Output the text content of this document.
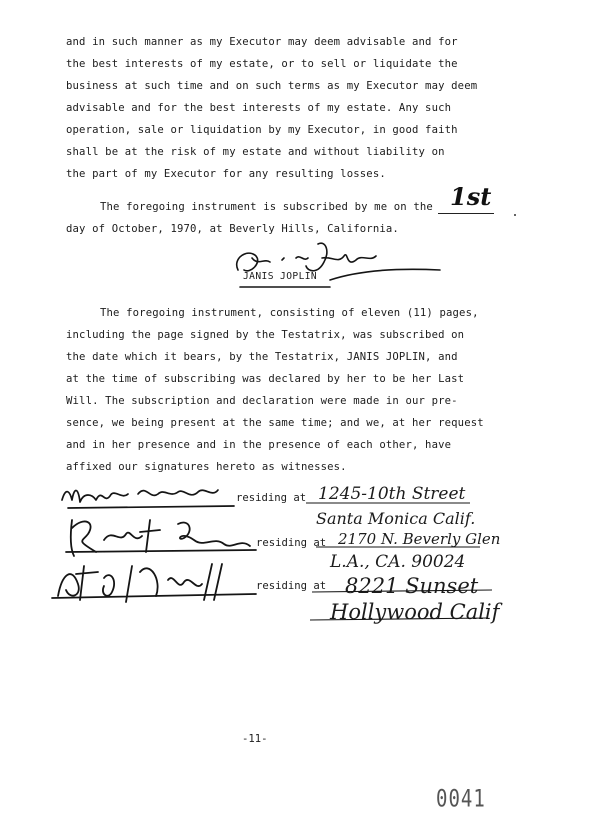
and in such manner as my Executor may deem advisable and for
the best interests of my estate, or to sell or liquidate the
business at such time and on such terms as my Executor may deem
advisable and for the best interests of my estate. Any such
operation, sale or liquidation by my Executor, in good faith
shall be at the risk of my estate and without liability on
the part of my Executor for any resulting losses.
The foregoing instrument is subscribed by me on the
day of October, 1970, at Beverly Hills, California.
1st
JANIS JOPLIN
The foregoing instrument, consisting of eleven (11) pages,
including the page signed by the Testatrix, was subscribed on
the date which it bears, by the Testatrix, JANIS JOPLIN, and
at the time of subscribing was declared by her to be her Last
Will. The subscription and declaration were made in our pre-
sence, we being present at the same time; and we, at her request
and in her presence and in the presence of each other, have
affixed our signatures hereto as witnesses.
residing at
residing at
residing at
1245-10th Street
Santa Monica Calif.
2170 N. Beverly Glen
L.A., CA. 90024
8221 Sunset
Hollywood Calif
-11-
0041
